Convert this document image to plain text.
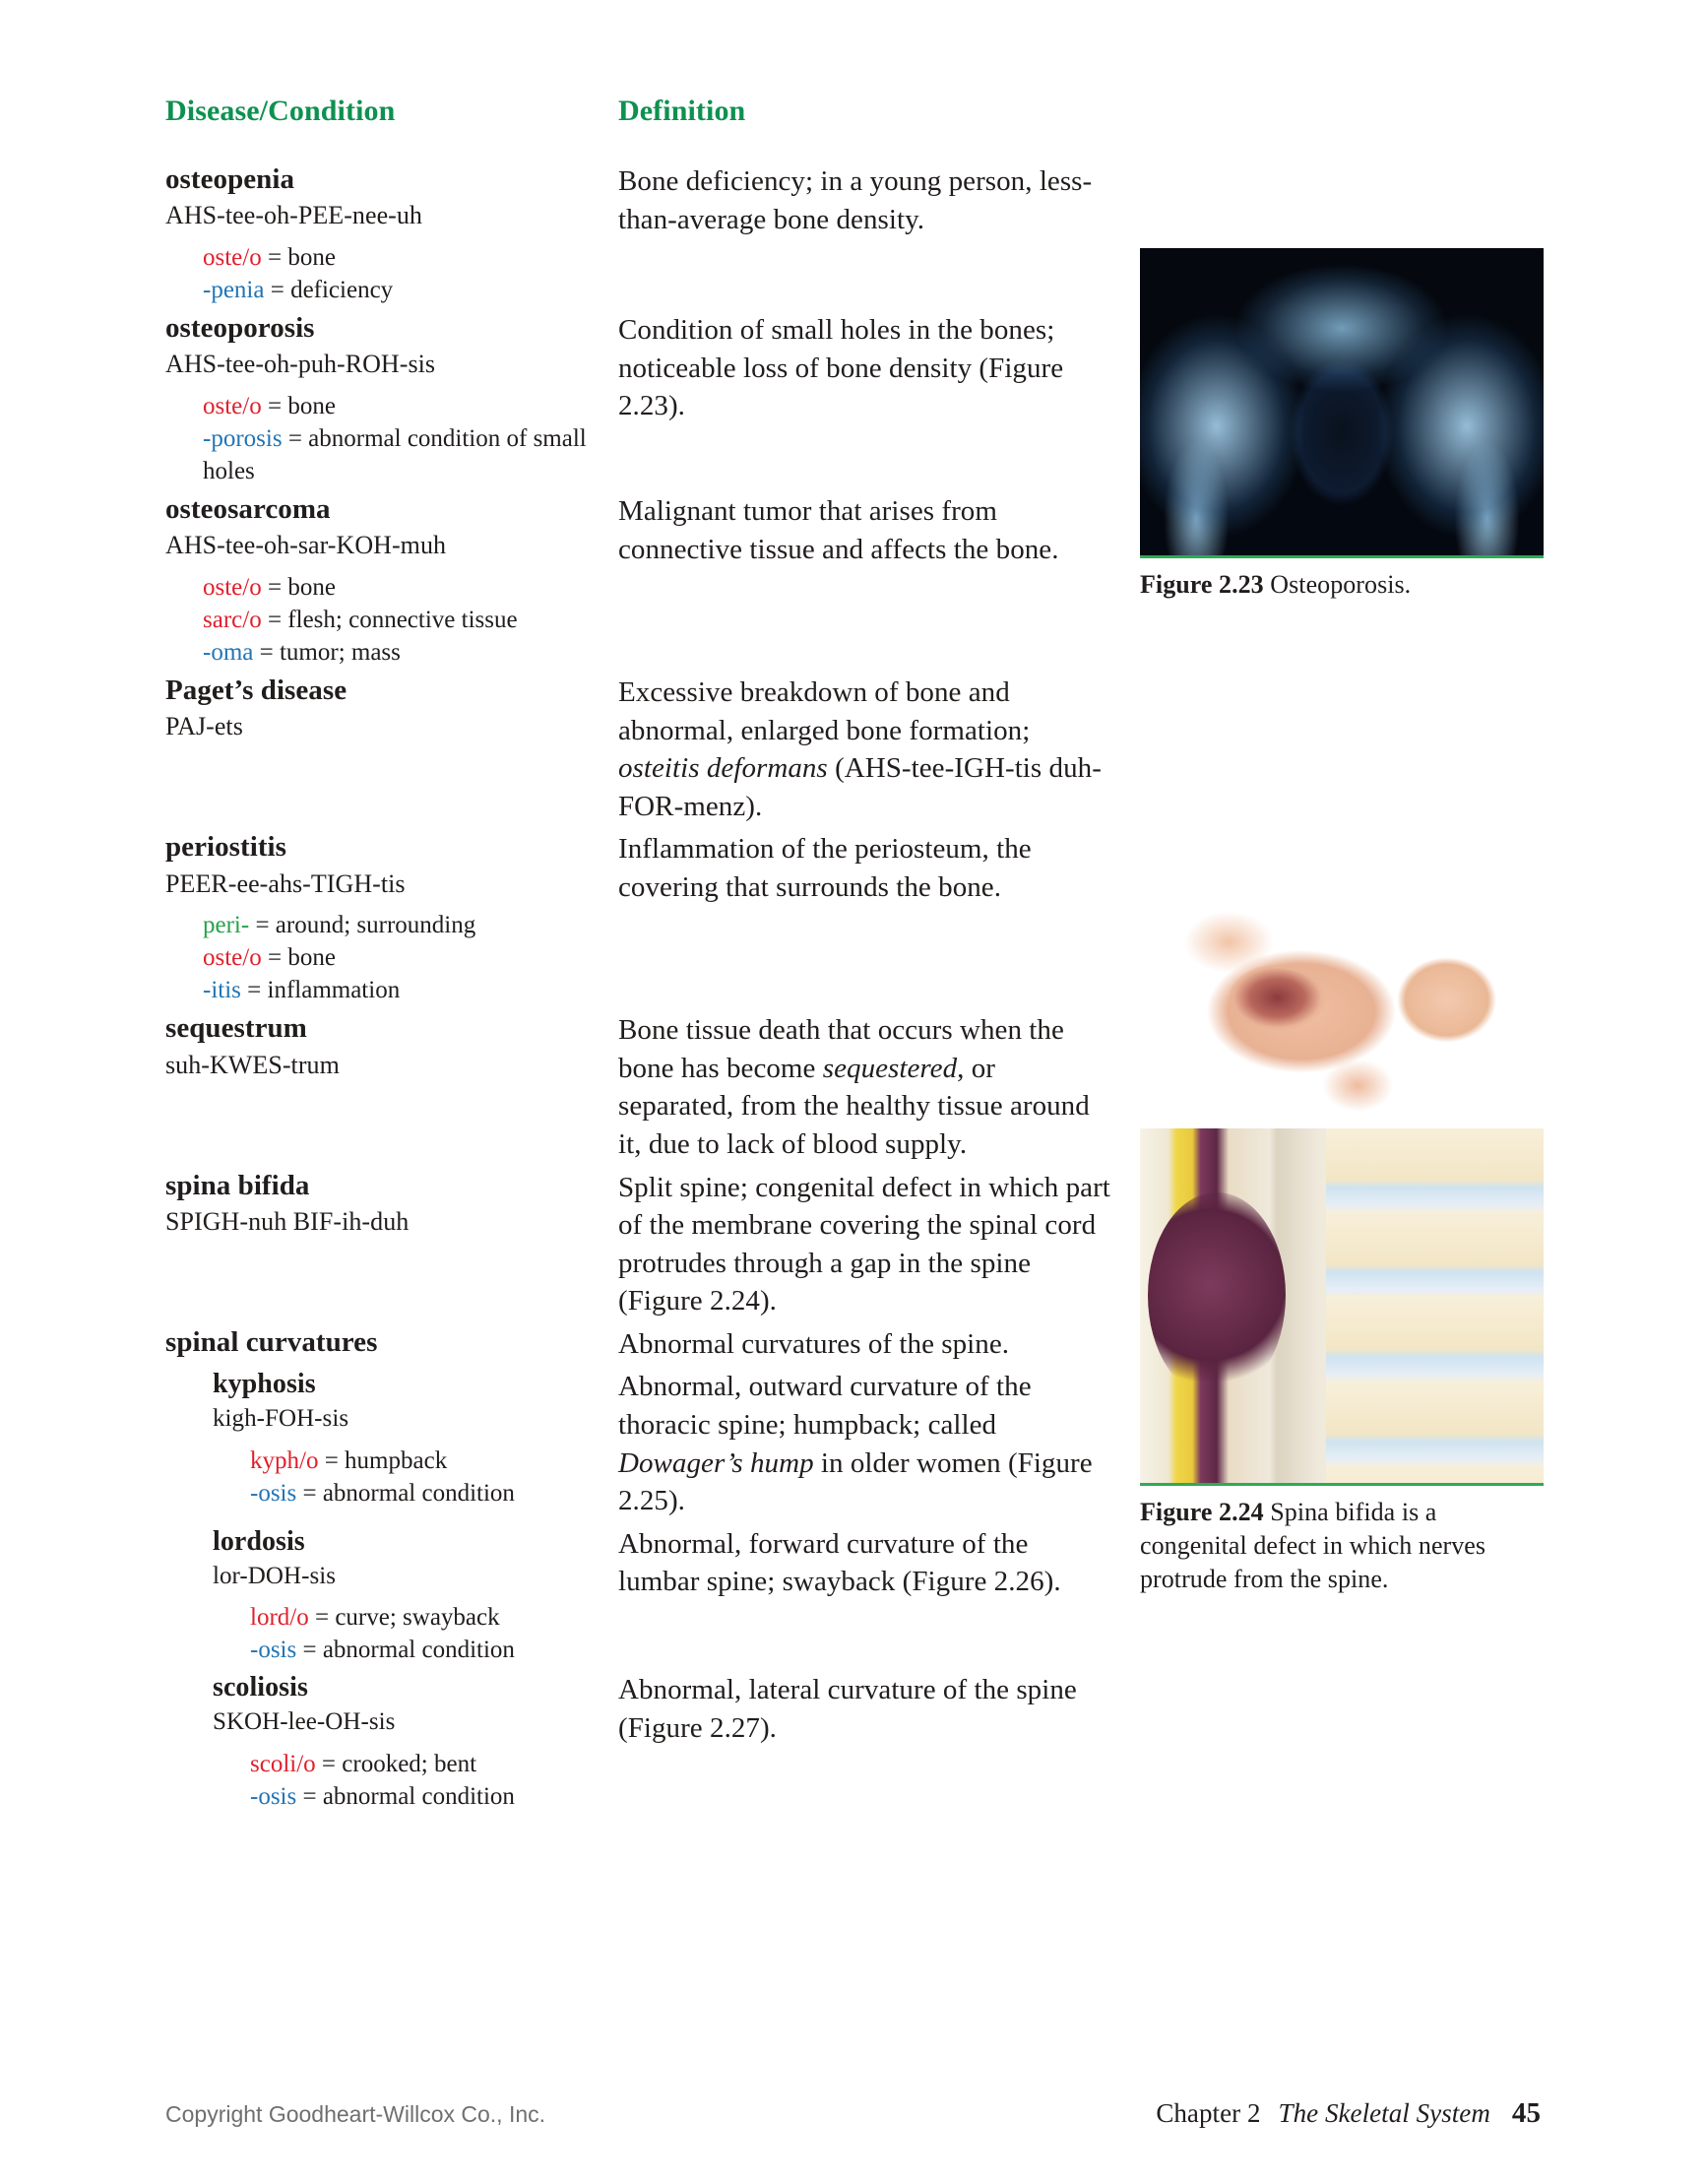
Disease/Condition	Definition
osteopenia
AHS-tee-oh-PEE-nee-uh
oste/o = bone
-penia = deficiency
Bone deficiency; in a young person, less-than-average bone density.
osteoporosis
AHS-tee-oh-puh-ROH-sis
oste/o = bone
-porosis = abnormal condition of small holes
Condition of small holes in the bones; noticeable loss of bone density (Figure 2.23).
osteosarcoma
AHS-tee-oh-sar-KOH-muh
oste/o = bone
sarc/o = flesh; connective tissue
-oma = tumor; mass
Malignant tumor that arises from connective tissue and affects the bone.
Paget’s disease
PAJ-ets
Excessive breakdown of bone and abnormal, enlarged bone formation; osteitis deformans (AHS-tee-IGH-tis duh-FOR-menz).
periostitis
PEER-ee-ahs-TIGH-tis
peri- = around; surrounding
oste/o = bone
-itis = inflammation
Inflammation of the periosteum, the covering that surrounds the bone.
sequestrum
suh-KWES-trum
Bone tissue death that occurs when the bone has become sequestered, or separated, from the healthy tissue around it, due to lack of blood supply.
spina bifida
SPIGH-nuh BIF-ih-duh
Split spine; congenital defect in which part of the membrane covering the spinal cord protrudes through a gap in the spine (Figure 2.24).
spinal curvatures	Abnormal curvatures of the spine.
kyphosis
kigh-FOH-sis
kyph/o = humpback
-osis = abnormal condition
Abnormal, outward curvature of the thoracic spine; humpback; called Dowager’s hump in older women (Figure 2.25).
lordosis
lor-DOH-sis
lord/o = curve; swayback
-osis = abnormal condition
Abnormal, forward curvature of the lumbar spine; swayback (Figure 2.26).
scoliosis
SKOH-lee-OH-sis
scoli/o = crooked; bent
-osis = abnormal condition
Abnormal, lateral curvature of the spine (Figure 2.27).
Figure 2.23 Osteoporosis.
Figure 2.24 Spina bifida is a congenital defect in which nerves protrude from the spine.
Copyright Goodheart-Willcox Co., Inc.	Chapter 2 The Skeletal System 45
